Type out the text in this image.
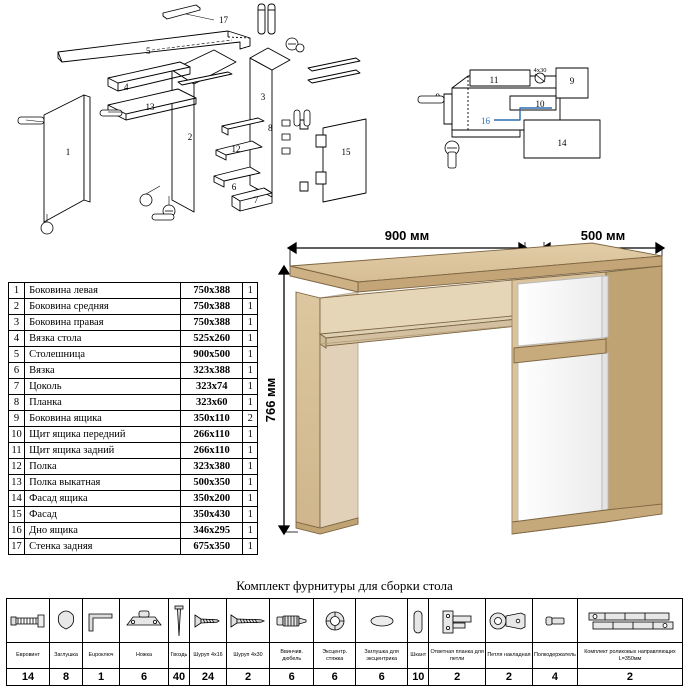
1
2
3
4
13
8
12
6
7
15
17
5
11	9
10
16
14
4x30
1	Боковина левая	750x388	1
2	Боковина средняя	750x388	1
3	Боковина правая	750x388	1
4	Вязка стола	525x260	1
5	Столешница	900x500	1
6	Вязка	323x388	1
7	Цоколь	323x74	1
8	Планка	323x60	1
9	Боковина ящика	350x110	2
10	Щит ящика передний	266x110	1
11	Щит ящика задний	266x110	1
12	Полка	323x380	1
13	Полка выкатная	500x350	1
14	Фасад ящика	350x200	1
15	Фасад	350x430	1
16	Дно ящика	346x295	1
17	Стенка задняя	675x350	1
900 мм	500 мм
766 мм
Комплект фурнитуры для сборки стола

Евровинт	Заглушка	Euроключ	Ножка	Гвоздь	Шуруп 4x16	Шуруп 4x30	Ввинчив. дюбель	Эксцентр. стяжка	Заглушка для эксцентрика	Шкант	Ответная планка для петли	Петля накладная	Полкодержатель	Комплект роликовых направляющих L=350мм
14	8	1	6	40	24	2	6	6	6	10	2	2	4	2
